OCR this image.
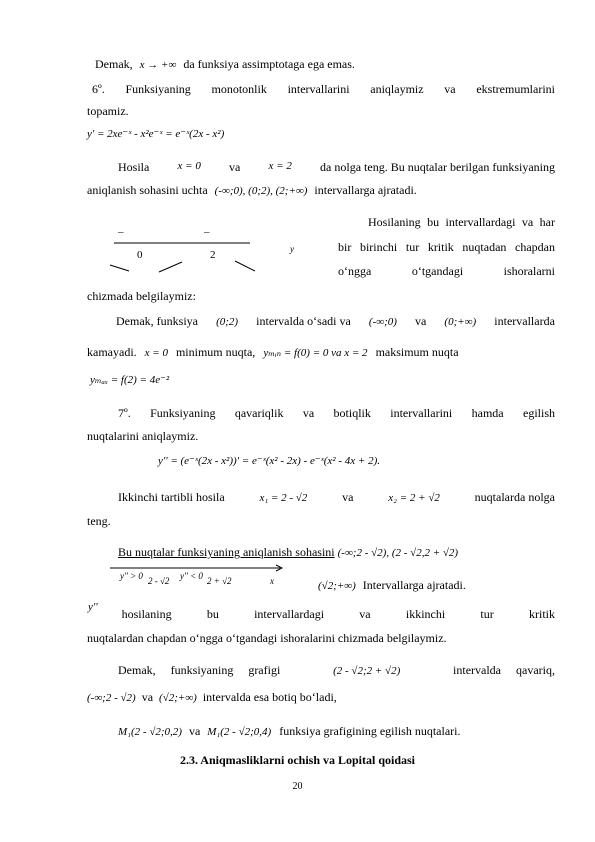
Demak, x → +∞ da funksiya assimptotaga ega emas.
6º. Funksiyaning monotonlik intervallarini aniqlaymiz va ekstremumlarini
topamiz.
y' = 2xe⁻ˣ - x²e⁻ˣ = e⁻ˣ(2x - x²)
Hosila	x = 0 va	x = 2 da nolga teng. Bu nuqtalar berilgan funksiyaning
aniqlanish sohasini uchta (-∞;0), (0;2), (2;+∞) intervallarga ajratadi.
–	–
0	2	y
Hosilaning bu intervallardagi va har
bir birinchi tur kritik nuqtadan chapdan
o‘ngga o‘tgandagi ishoralarni
chizmada belgilaymiz:
Demak, funksiya (0;2) intervalda o‘sadi va (-∞;0) va (0;+∞) intervallarda
kamayadi. x = 0 minimum nuqta, yₘᵢₙ = f(0) = 0 va x = 2 maksimum nuqta
yₘₐₓ = f(2) = 4e⁻²
7º. Funksiyaning qavariqlik va botiqlik intervallarini hamda egilish
nuqtalarini aniqlaymiz.
y'' = (e⁻ˣ(2x - x²))' = e⁻ˣ(x² - 2x) - e⁻ˣ(x² - 4x + 2).
Ikkinchi tartibli hosila	x₁ = 2 - √2	va	x₂ = 2 + √2	nuqtalarda nolga
teng.
Bu nuqtalar funksiyaning aniqlanish sohasini (-∞;2 - √2), (2 - √2,2 + √2)
y'' > 0 2 - √2 y'' < 0 2 + √2	x	(√2;+∞) Intervallarga ajratadi.
y'' hosilaning bu intervallardagi va ikkinchi tur kritik
nuqtalardan chapdan o‘ngga o‘tgandagi ishoralarini chizmada belgilaymiz.
Demak,     funksiyaning     grafigi	(2 - √2;2 + √2)	intervalda     qavariq,
(-∞;2 - √2) va (√2;+∞) intervalda esa botiq bo‘ladi,
M₁(2 - √2;0,2) va M₁(2 - √2;0,4) funksiya grafigining egilish nuqtalari.
2.3. Aniqmasliklarni ochish va Lopital qoidasi
20
